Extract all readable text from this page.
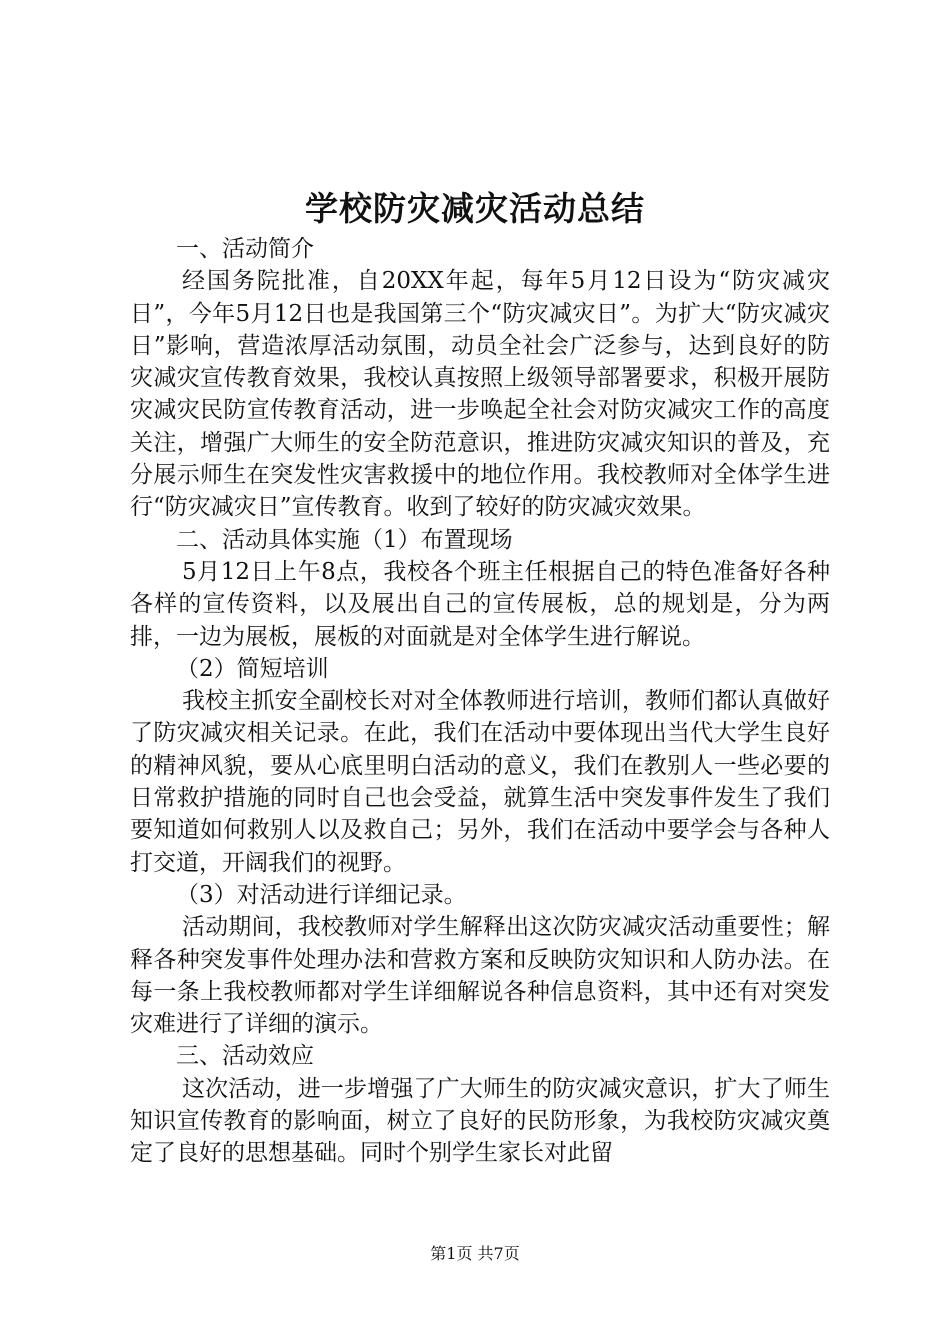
学校防灾减灾活动总结

一、活动简介

经国务院批准，自20XX年起，每年5月12日设为“防灾减灾日”，今年5月12日也是我国第三个“防灾减灾日”。为扩大“防灾减灾日”影响，营造浓厚活动氛围，动员全社会广泛参与，达到良好的防灾减灾宣传教育效果，我校认真按照上级领导部署要求，积极开展防灾减灾民防宣传教育活动，进一步唤起全社会对防灾减灾工作的高度关注，增强广大师生的安全防范意识，推进防灾减灾知识的普及，充分展示师生在突发性灾害救援中的地位作用。我校教师对全体学生进行“防灾减灾日”宣传教育。收到了较好的防灾减灾效果。

二、活动具体实施（1）布置现场

5月12日上午8点，我校各个班主任根据自己的特色准备好各种各样的宣传资料，以及展出自己的宣传展板，总的规划是，分为两排，一边为展板，展板的对面就是对全体学生进行解说。

（2）简短培训

我校主抓安全副校长对对全体教师进行培训，教师们都认真做好了防灾减灾相关记录。在此，我们在活动中要体现出当代大学生良好的精神风貌，要从心底里明白活动的意义，我们在教别人一些必要的日常救护措施的同时自己也会受益，就算生活中突发事件发生了我们要知道如何救别人以及救自己；另外，我们在活动中要学会与各种人打交道，开阔我们的视野。

（3）对活动进行详细记录。

活动期间，我校教师对学生解释出这次防灾减灾活动重要性；解释各种突发事件处理办法和营救方案和反映防灾知识和人防办法。在每一条上我校教师都对学生详细解说各种信息资料，其中还有对突发灾难进行了详细的演示。

三、活动效应

这次活动，进一步增强了广大师生的防灾减灾意识，扩大了师生知识宣传教育的影响面，树立了良好的民防形象，为我校防灾减灾奠定了良好的思想基础。同时个别学生家长对此留

第1页 共7页
